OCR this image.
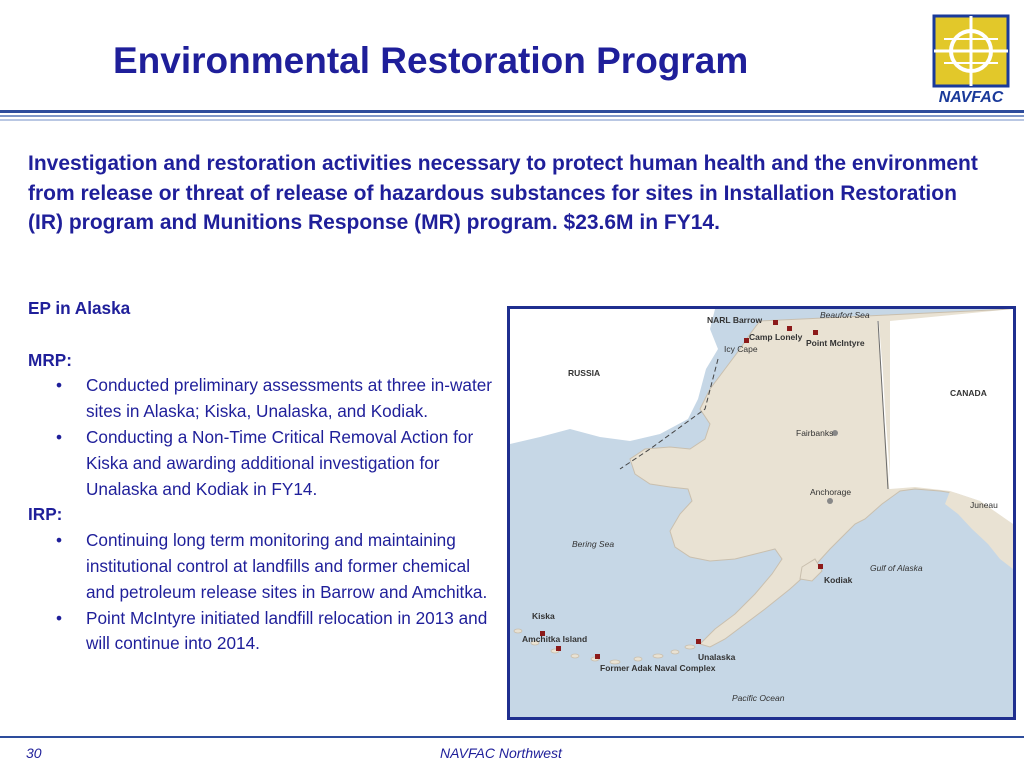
Environmental Restoration Program
NAVFAC

Investigation and restoration activities necessary to protect human health and the environment from release or threat of release of hazardous substances for sites in Installation Restoration (IR) program and Munitions Response (MR) program. $23.6M in FY14.

EP in Alaska

MRP:

• Conducted preliminary assessments at three in-water sites in Alaska; Kiska, Unalaska, and Kodiak.
• Conducting a Non-Time Critical Removal Action for Kiska and awarding additional investigation for Unalaska and Kodiak in FY14.

IRP:

• Continuing long term monitoring and maintaining institutional control at landfills and former chemical and petroleum release sites in Barrow and Amchitka.
• Point McIntyre initiated landfill relocation in 2013 and will continue into 2014.
NARL Barrow	Beaufort Sea
Camp Lonely
Point McIntyre
Icy Cape
RUSSIA
CANADA
Fairbanks
Anchorage
Juneau
Bering Sea
Kodiak
Gulf of Alaska
Kiska
Amchitka Island
Unalaska
Former Adak Naval Complex
Pacific Ocean
30	NAVFAC Northwest
